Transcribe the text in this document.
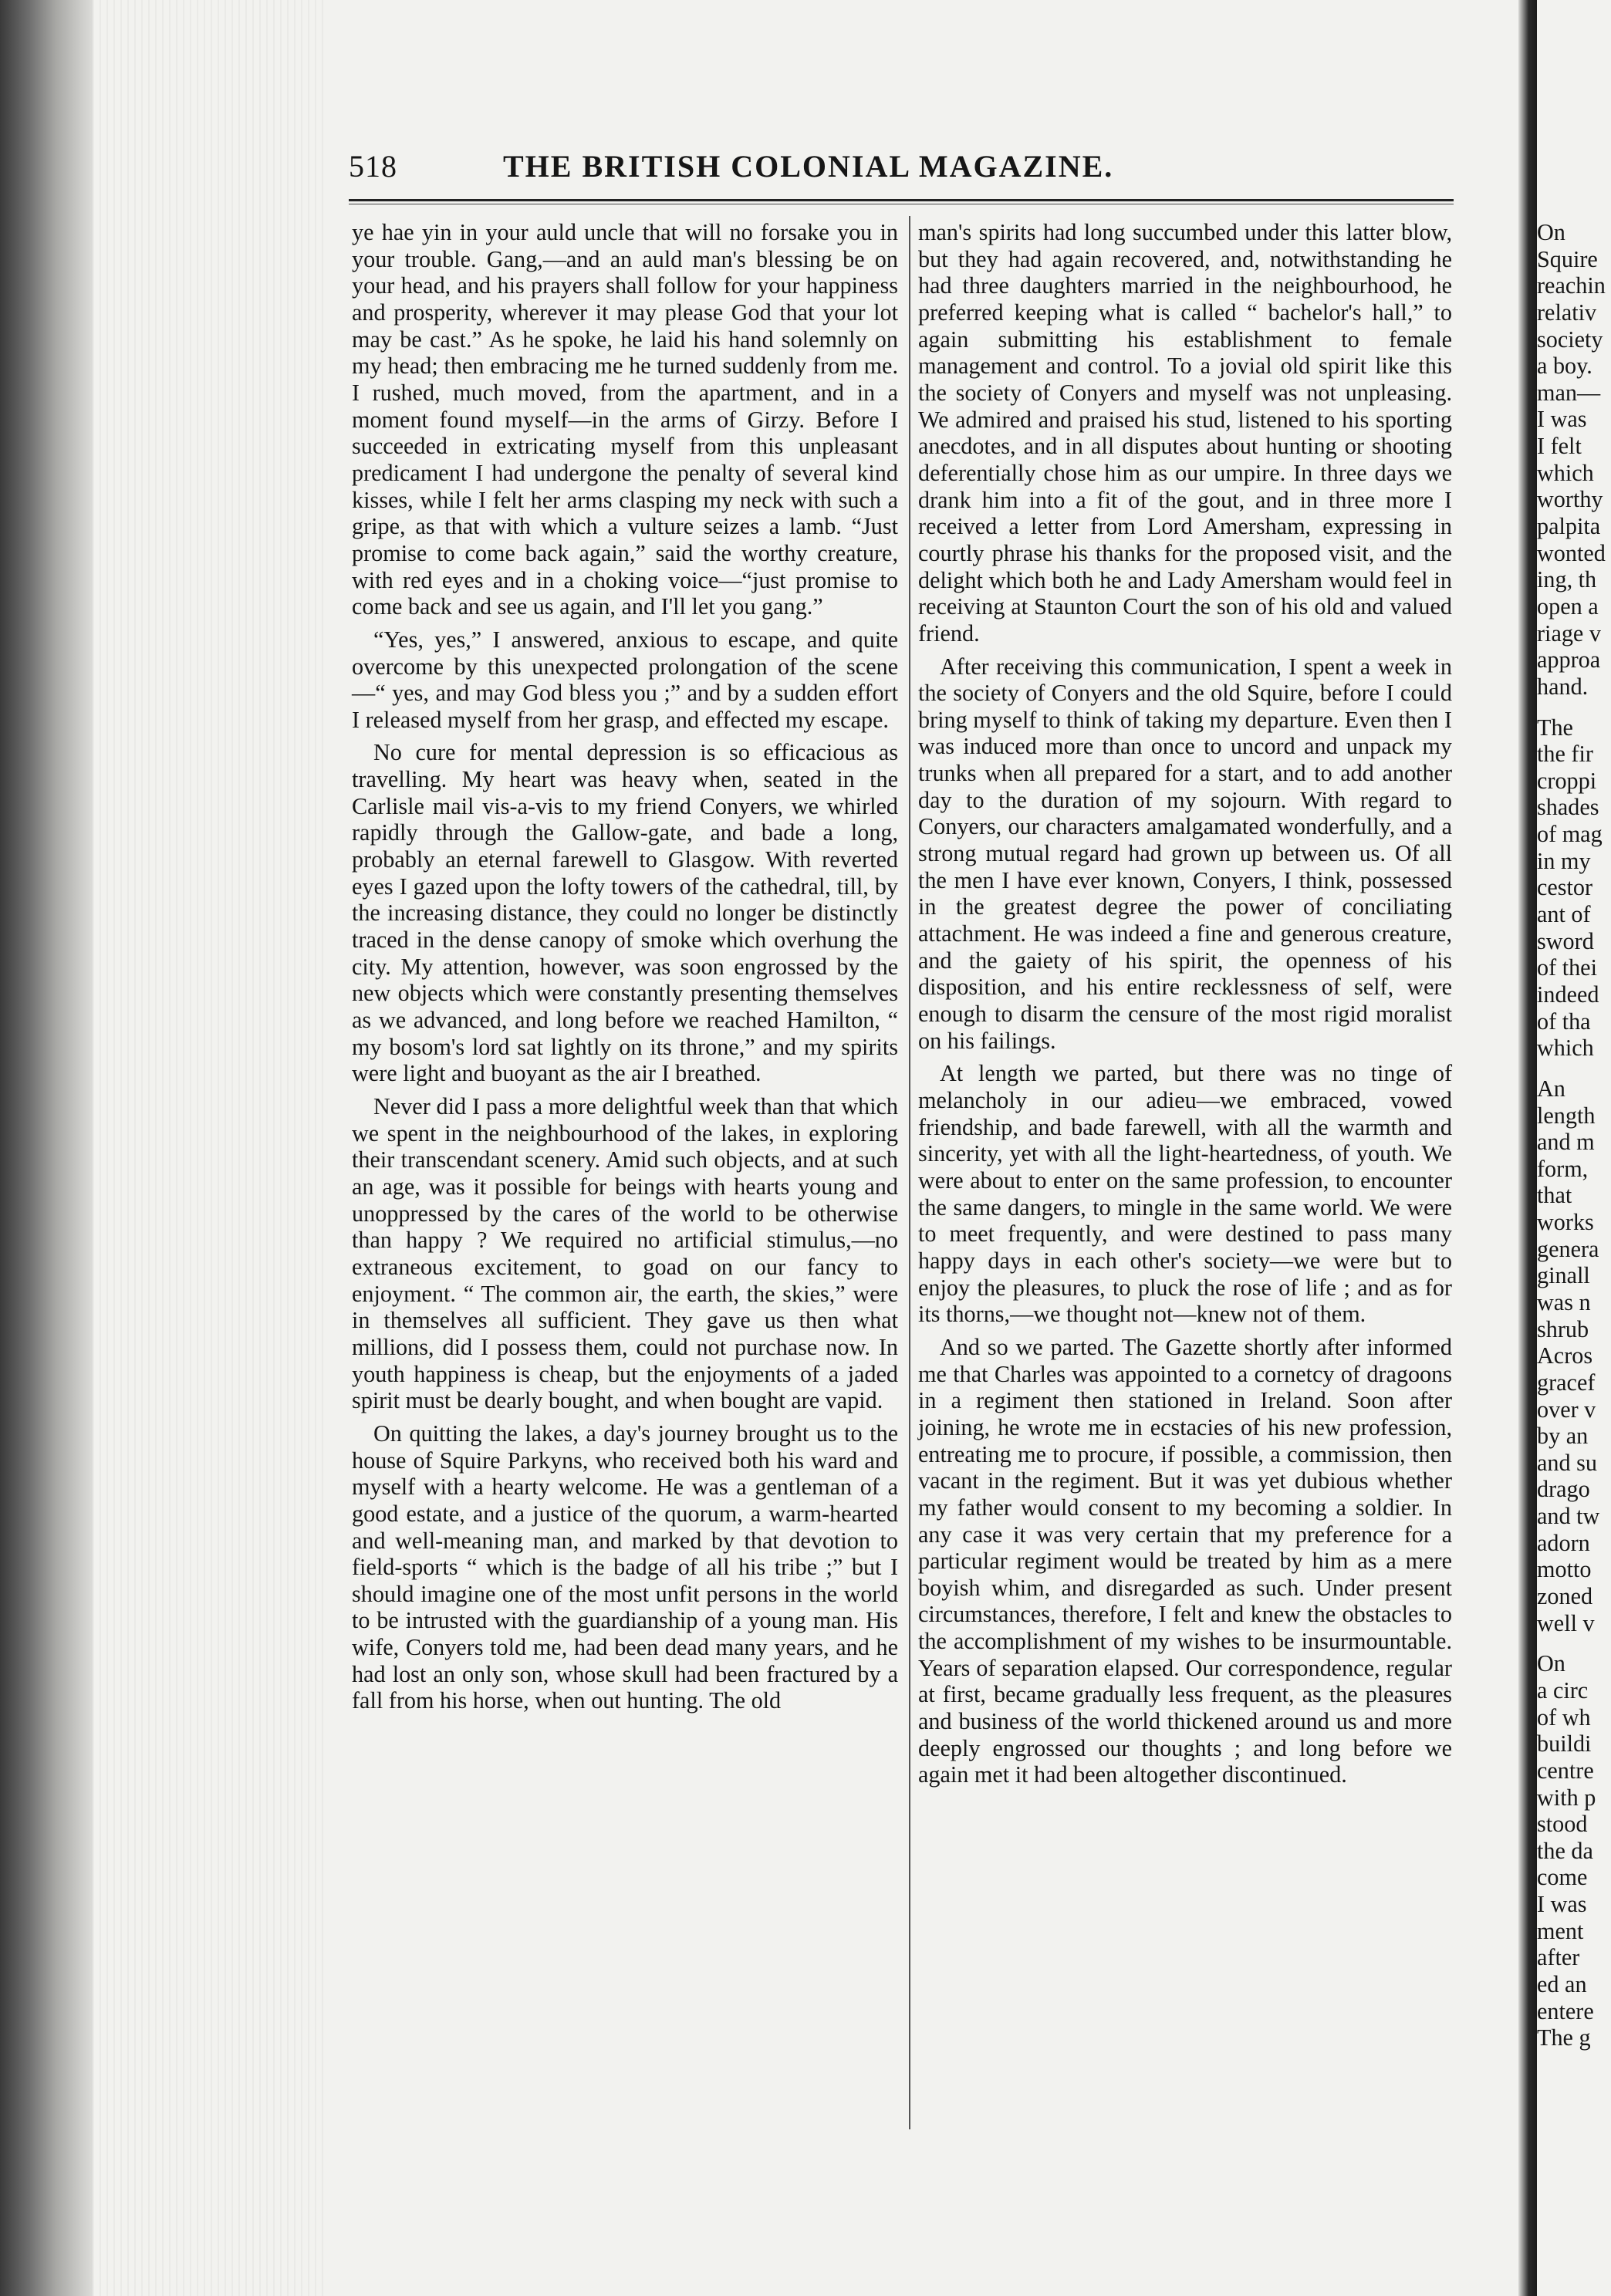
518	THE BRITISH COLONIAL MAGAZINE.

ye hae yin in your auld uncle that will no forsake you in your trouble. Gang,—and an auld man's blessing be on your head, and his prayers shall follow for your happiness and prosperity, wherever it may please God that your lot may be cast.” As he spoke, he laid his hand solemnly on my head; then embracing me he turned suddenly from me. I rushed, much moved, from the apartment, and in a moment found myself—in the arms of Girzy. Before I succeeded in extricating myself from this unpleasant predicament I had undergone the penalty of several kind kisses, while I felt her arms clasping my neck with such a gripe, as that with which a vulture seizes a lamb. “Just promise to come back again,” said the worthy creature, with red eyes and in a choking voice—“just promise to come back and see us again, and I'll let you gang.”

“Yes, yes,” I answered, anxious to escape, and quite overcome by this unexpected prolongation of the scene—“ yes, and may God bless you ;” and by a sudden effort I released myself from her grasp, and effected my escape.

No cure for mental depression is so efficacious as travelling. My heart was heavy when, seated in the Carlisle mail vis-a-vis to my friend Conyers, we whirled rapidly through the Gallow-gate, and bade a long, probably an eternal farewell to Glasgow. With reverted eyes I gazed upon the lofty towers of the cathedral, till, by the increasing distance, they could no longer be distinctly traced in the dense canopy of smoke which overhung the city. My attention, however, was soon engrossed by the new objects which were constantly presenting themselves as we advanced, and long before we reached Hamilton, “ my bosom's lord sat lightly on its throne,” and my spirits were light and buoyant as the air I breathed.

Never did I pass a more delightful week than that which we spent in the neighbourhood of the lakes, in exploring their transcendant scenery. Amid such objects, and at such an age, was it possible for beings with hearts young and unoppressed by the cares of the world to be otherwise than happy ? We required no artificial stimulus,—no extraneous excitement, to goad on our fancy to enjoyment. “ The common air, the earth, the skies,” were in themselves all sufficient. They gave us then what millions, did I possess them, could not purchase now. In youth happiness is cheap, but the enjoyments of a jaded spirit must be dearly bought, and when bought are vapid.

On quitting the lakes, a day's journey brought us to the house of Squire Parkyns, who received both his ward and myself with a hearty welcome. He was a gentleman of a good estate, and a justice of the quorum, a warm-hearted and well-meaning man, and marked by that devotion to field-sports “ which is the badge of all his tribe ;” but I should imagine one of the most unfit persons in the world to be intrusted with the guardianship of a young man. His wife, Conyers told me, had been dead many years, and he had lost an only son, whose skull had been fractured by a fall from his horse, when out hunting. The old

man's spirits had long succumbed under this latter blow, but they had again recovered, and, notwithstanding he had three daughters married in the neighbourhood, he preferred keeping what is called “ bachelor's hall,” to again submitting his establishment to female management and control. To a jovial old spirit like this the society of Conyers and myself was not unpleasing. We admired and praised his stud, listened to his sporting anecdotes, and in all disputes about hunting or shooting deferentially chose him as our umpire. In three days we drank him into a fit of the gout, and in three more I received a letter from Lord Amersham, expressing in courtly phrase his thanks for the proposed visit, and the delight which both he and Lady Amersham would feel in receiving at Staunton Court the son of his old and valued friend.

After receiving this communication, I spent a week in the society of Conyers and the old Squire, before I could bring myself to think of taking my departure. Even then I was induced more than once to uncord and unpack my trunks when all prepared for a start, and to add another day to the duration of my sojourn. With regard to Conyers, our characters amalgamated wonderfully, and a strong mutual regard had grown up between us. Of all the men I have ever known, Conyers, I think, possessed in the greatest degree the power of conciliating attachment. He was indeed a fine and generous creature, and the gaiety of his spirit, the openness of his disposition, and his entire recklessness of self, were enough to disarm the censure of the most rigid moralist on his failings.

At length we parted, but there was no tinge of melancholy in our adieu—we embraced, vowed friendship, and bade farewell, with all the warmth and sincerity, yet with all the light-heartedness, of youth. We were about to enter on the same profession, to encounter the same dangers, to mingle in the same world. We were to meet frequently, and were destined to pass many happy days in each other's society—we were but to enjoy the pleasures, to pluck the rose of life ; and as for its thorns,—we thought not—knew not of them.

And so we parted. The Gazette shortly after informed me that Charles was appointed to a cornetcy of dragoons in a regiment then stationed in Ireland. Soon after joining, he wrote me in ecstacies of his new profession, entreating me to procure, if possible, a commission, then vacant in the regiment. But it was yet dubious whether my father would consent to my becoming a soldier. In any case it was very certain that my preference for a particular regiment would be treated by him as a mere boyish whim, and disregarded as such. Under present circumstances, therefore, I felt and knew the obstacles to the accomplishment of my wishes to be insurmountable. Years of separation elapsed. Our correspondence, regular at first, became gradually less frequent, as the pleasures and business of the world thickened around us and more deeply engrossed our thoughts ; and long before we again met it had been altogether discontinued.

On
Squire
reachin
relativ
society
a boy.
man—
I was
I felt
which
worthy
palpita
wonted
ing, th
open a
riage v
approa
hand.
The
the fir
croppi
shades
of mag
in my
cestor
ant of
sword
of thei
indeed
of tha
which
An
length
and m
form,
that
works
genera
ginall
was n
shrub
Acros
gracef
over v
by an
and su
drago
and tw
adorn
motto
zoned
well v
On
a circ
of wh
buildi
centre
with p
stood
the da
come
I was
ment
after
ed an
entere
The g
